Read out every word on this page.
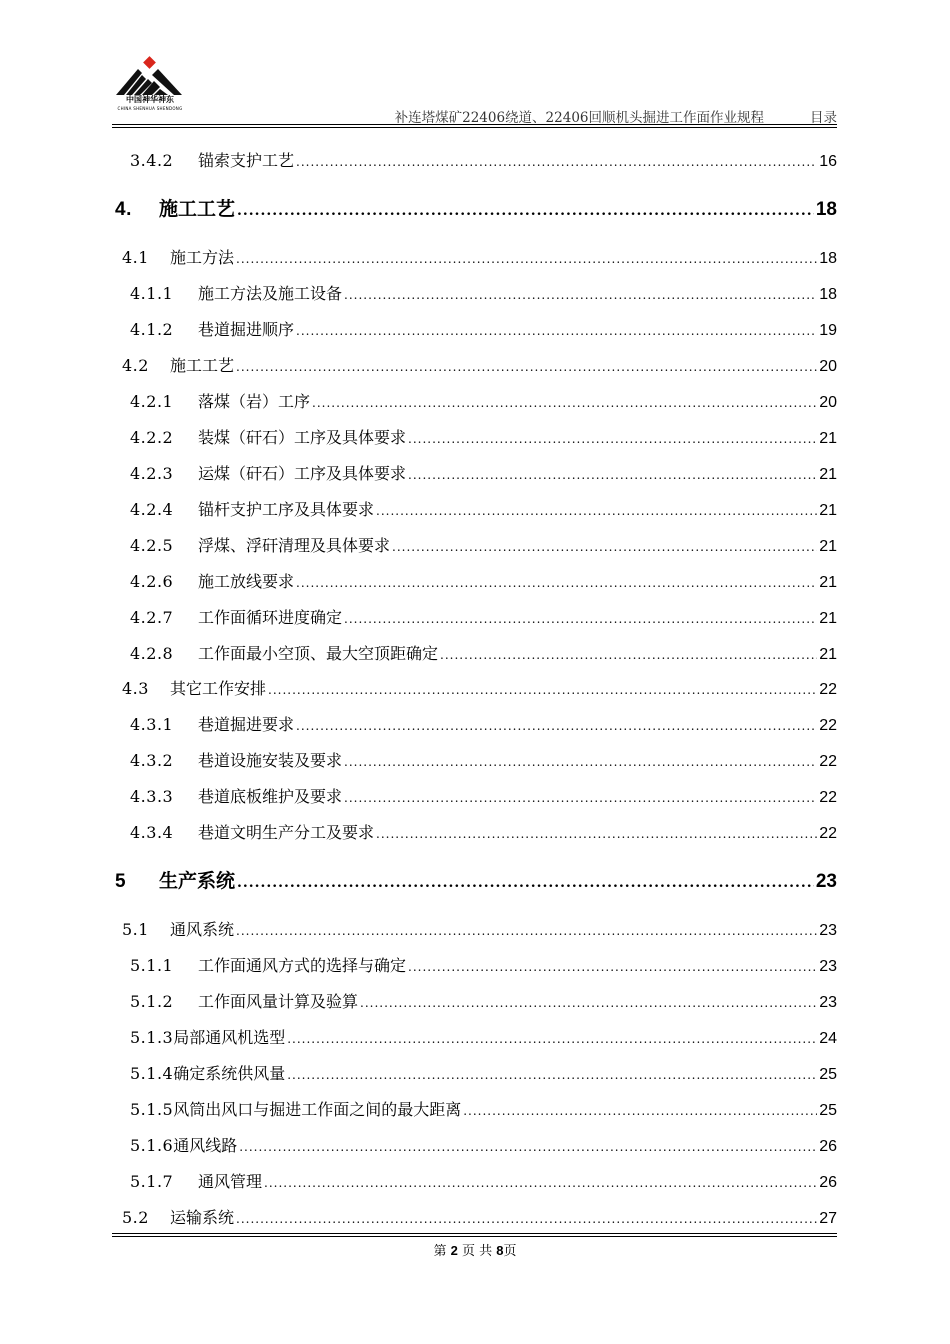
中国神华神东
CHINA SHENHUA SHENDONG
补连塔煤矿22406绕道、22406回顺机头掘进工作面作业规程	目录
3.4.2	锚索支护工艺 .....	16
4.	施工工艺 .....	18
4.1	施工方法 .....	18
4.1.1	施工方法及施工设备 .....	18
4.1.2	巷道掘进顺序 .....	19
4.2	施工工艺 .....	20
4.2.1	落煤（岩）工序 .....	20
4.2.2	装煤（矸石）工序及具体要求 .....	21
4.2.3	运煤（矸石）工序及具体要求 .....	21
4.2.4	锚杆支护工序及具体要求 .....	21
4.2.5	浮煤、浮矸清理及具体要求 .....	21
4.2.6	施工放线要求 .....	21
4.2.7	工作面循环进度确定 .....	21
4.2.8	工作面最小空顶、最大空顶距确定 .....	21
4.3	其它工作安排 .....	22
4.3.1	巷道掘进要求 .....	22
4.3.2	巷道设施安装及要求 .....	22
4.3.3	巷道底板维护及要求 .....	22
4.3.4	巷道文明生产分工及要求 .....	22
5	生产系统 .....	23
5.1	通风系统 .....	23
5.1.1	工作面通风方式的选择与确定 .....	23
5.1.2	工作面风量计算及验算 .....	23
5.1.3 局部通风机选型 .....	24
5.1.4 确定系统供风量 .....	25
5.1.5 风筒出风口与掘进工作面之间的最大距离 .....	25
5.1.6 通风线路 .....	26
5.1.7	通风管理 .....	26
5.2	运输系统 .....	27
第 2 页 共 8页
